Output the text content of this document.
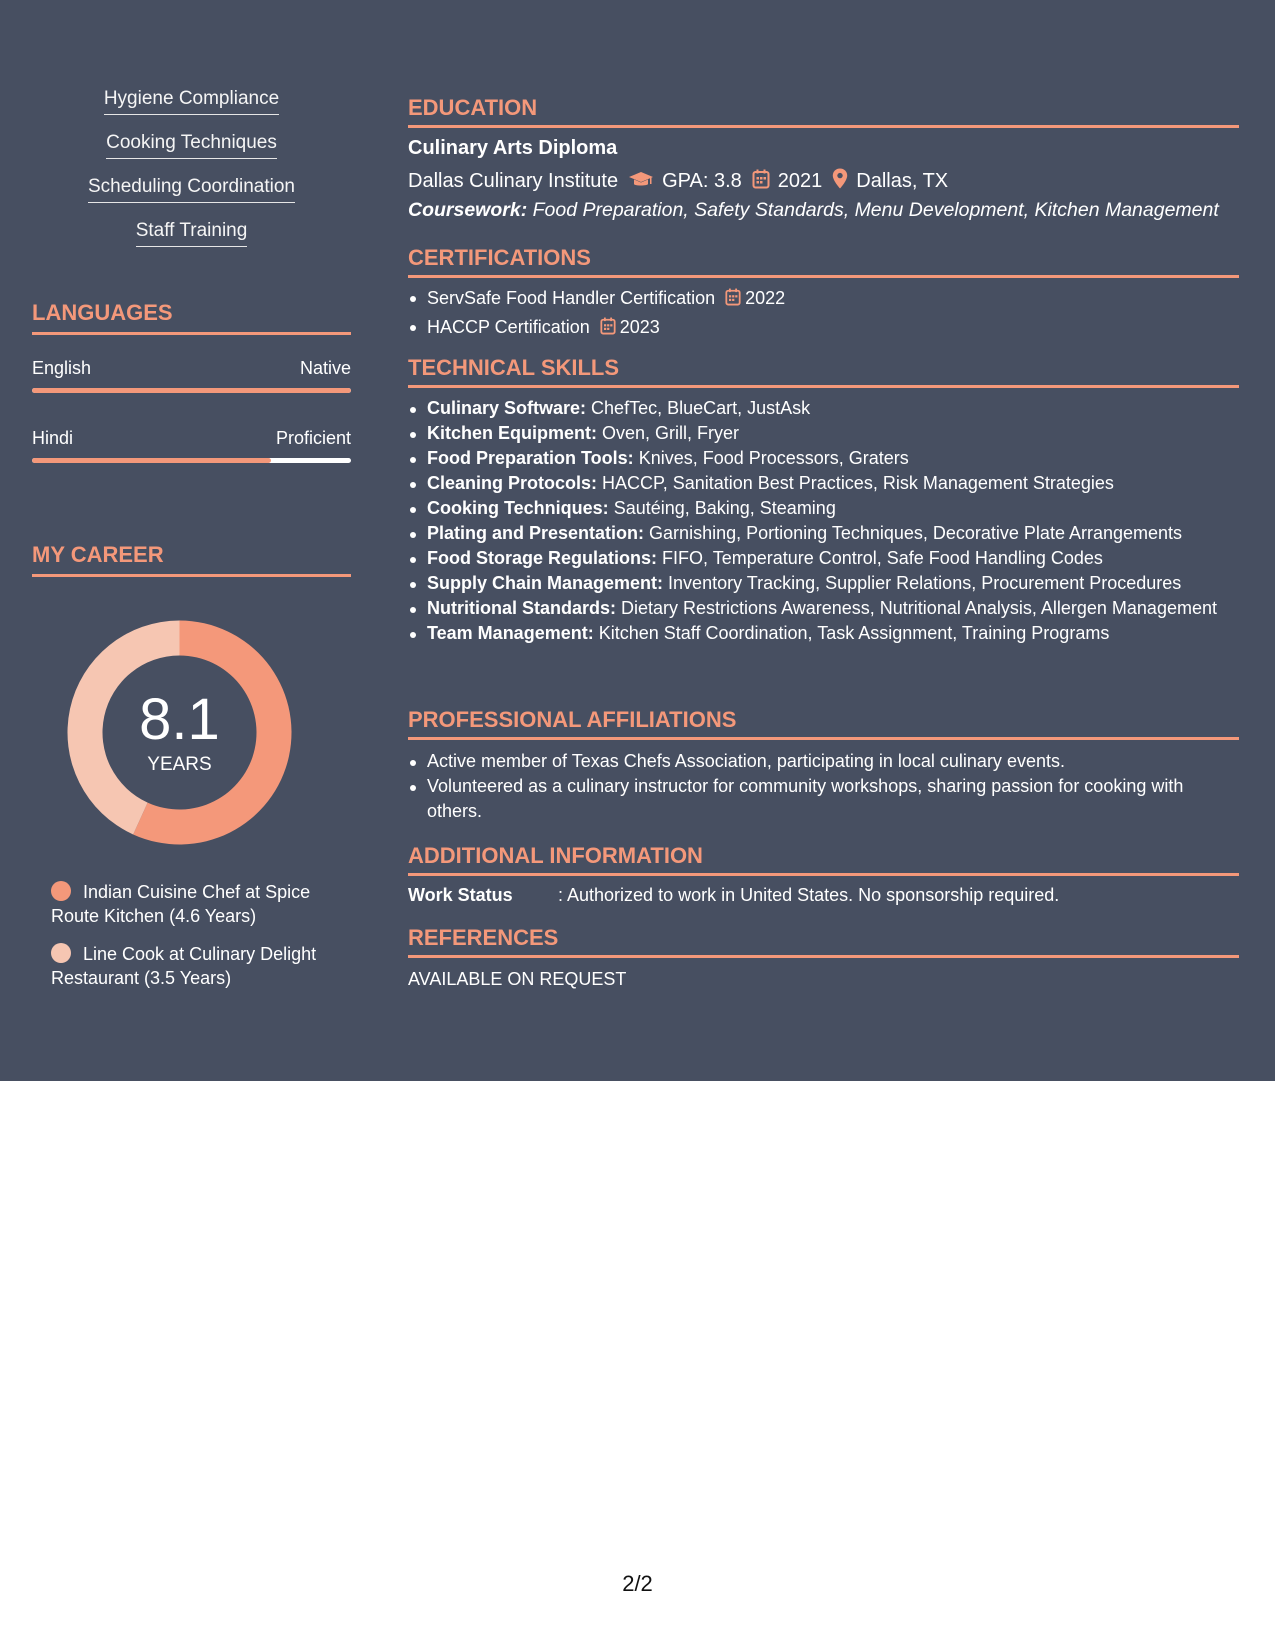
Hygiene Compliance
Cooking Techniques
Scheduling Coordination
Staff Training
LANGUAGES
English	Native
Hindi	Proficient
MY CAREER
8.1
YEARS
Indian Cuisine Chef at Spice Route Kitchen (4.6 Years)
Line Cook at Culinary Delight Restaurant (3.5 Years)
EDUCATION
Culinary Arts Diploma
Dallas Culinary Institute GPA: 3.8 2021 Dallas, TX
Coursework: Food Preparation, Safety Standards, Menu Development, Kitchen Management
CERTIFICATIONS
ServSafe Food Handler Certification 2022
HACCP Certification 2023
TECHNICAL SKILLS
Culinary Software: ChefTec, BlueCart, JustAsk
Kitchen Equipment: Oven, Grill, Fryer
Food Preparation Tools: Knives, Food Processors, Graters
Cleaning Protocols: HACCP, Sanitation Best Practices, Risk Management Strategies
Cooking Techniques: Sautéing, Baking, Steaming
Plating and Presentation: Garnishing, Portioning Techniques, Decorative Plate Arrangements
Food Storage Regulations: FIFO, Temperature Control, Safe Food Handling Codes
Supply Chain Management: Inventory Tracking, Supplier Relations, Procurement Procedures
Nutritional Standards: Dietary Restrictions Awareness, Nutritional Analysis, Allergen Management
Team Management: Kitchen Staff Coordination, Task Assignment, Training Programs
PROFESSIONAL AFFILIATIONS
Active member of Texas Chefs Association, participating in local culinary events.
Volunteered as a culinary instructor for community workshops, sharing passion for cooking with others.
ADDITIONAL INFORMATION
Work Status	: Authorized to work in United States. No sponsorship required.
REFERENCES
AVAILABLE ON REQUEST
2/2
